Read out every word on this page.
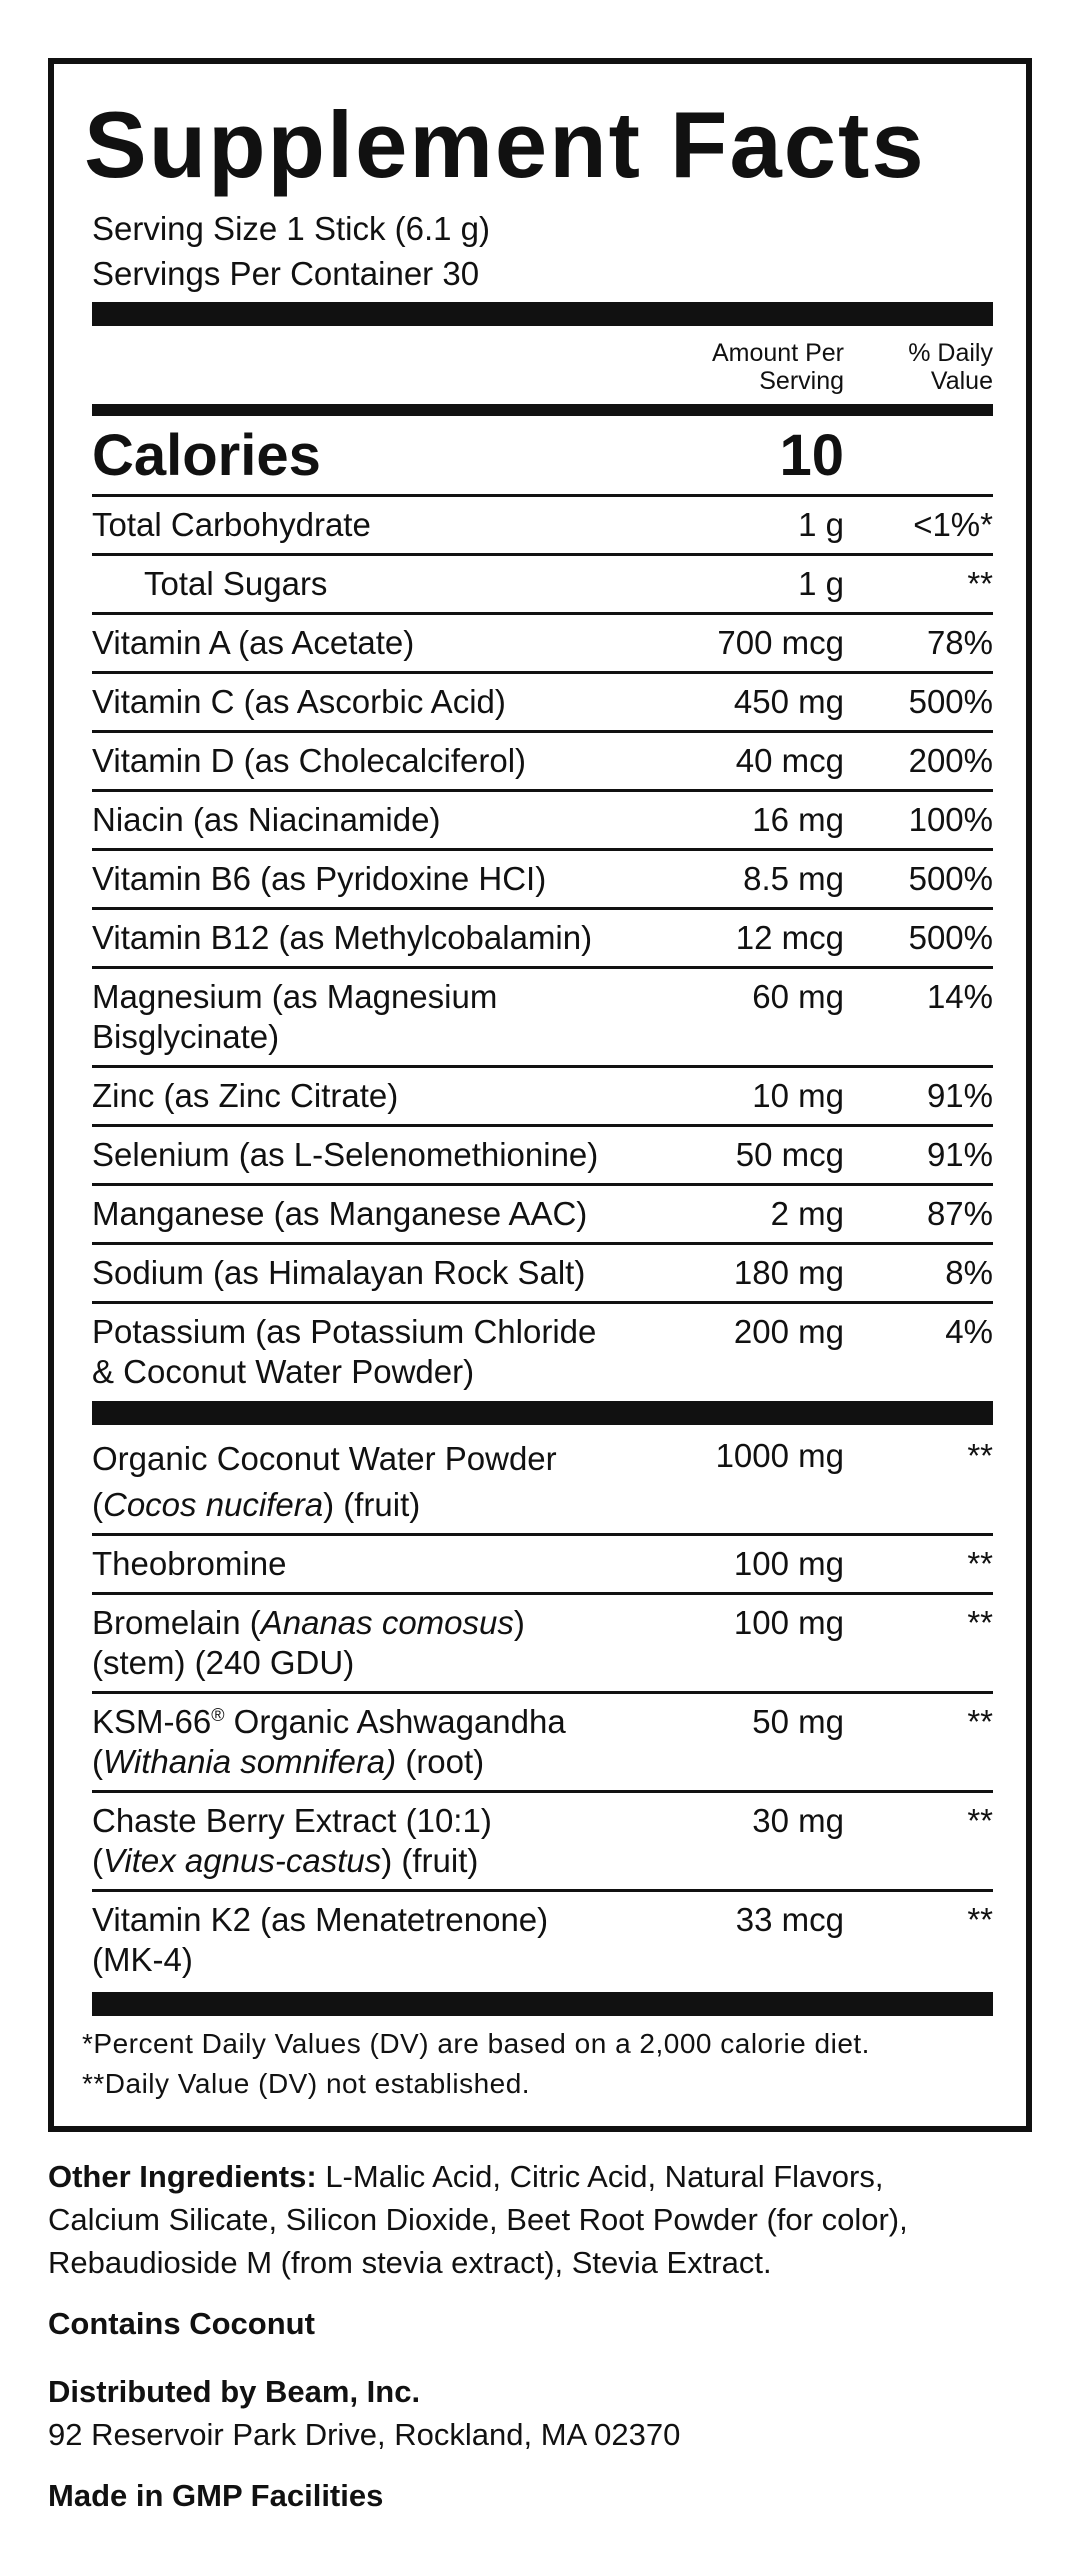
Supplement Facts
Serving Size 1 Stick (6.1 g)
Servings Per Container 30
Amount Per
Serving
% Daily
Value
Calories	10
Total Carbohydrate	1 g <1%*
Total Sugars	1 g	**
Vitamin A (as Acetate)	700 mcg	78%
Vitamin C (as Ascorbic Acid)	450 mg 500%
Vitamin D (as Cholecalciferol)	40 mcg 200%
Niacin (as Niacinamide)	16 mg 100%
Vitamin B6 (as Pyridoxine HCI)	8.5 mg 500%
Vitamin B12 (as Methylcobalamin)	12 mcg 500%
Magnesium (as Magnesium
Bisglycinate)
60 mg	14%
Zinc (as Zinc Citrate)	10 mg	91%
Selenium (as L-Selenomethionine)	50 mcg	91%
Manganese (as Manganese AAC)	2 mg	87%
Sodium (as Himalayan Rock Salt)	180 mg	8%
Potassium (as Potassium Chloride
& Coconut Water Powder)
200 mg	4%
Organic Coconut Water Powder
(Cocos nucifera) (fruit)
1000 mg	**
Theobromine	100 mg	**
Bromelain (Ananas comosus)
(stem) (240 GDU)
100 mg	**
KSM-66® Organic Ashwagandha
(Withania somnifera) (root)
50 mg	**
Chaste Berry Extract (10:1)
(Vitex agnus-castus) (fruit)
30 mg	**
Vitamin K2 (as Menatetrenone)
(MK-4)
33 mcg	**
*Percent Daily Values (DV) are based on a 2,000 calorie diet.
**Daily Value (DV) not established.
Other Ingredients: L-Malic Acid, Citric Acid, Natural Flavors,
Calcium Silicate, Silicon Dioxide, Beet Root Powder (for color),
Rebaudioside M (from stevia extract), Stevia Extract.
Contains Coconut
Distributed by Beam, Inc.
92 Reservoir Park Drive, Rockland, MA 02370
Made in GMP Facilities
